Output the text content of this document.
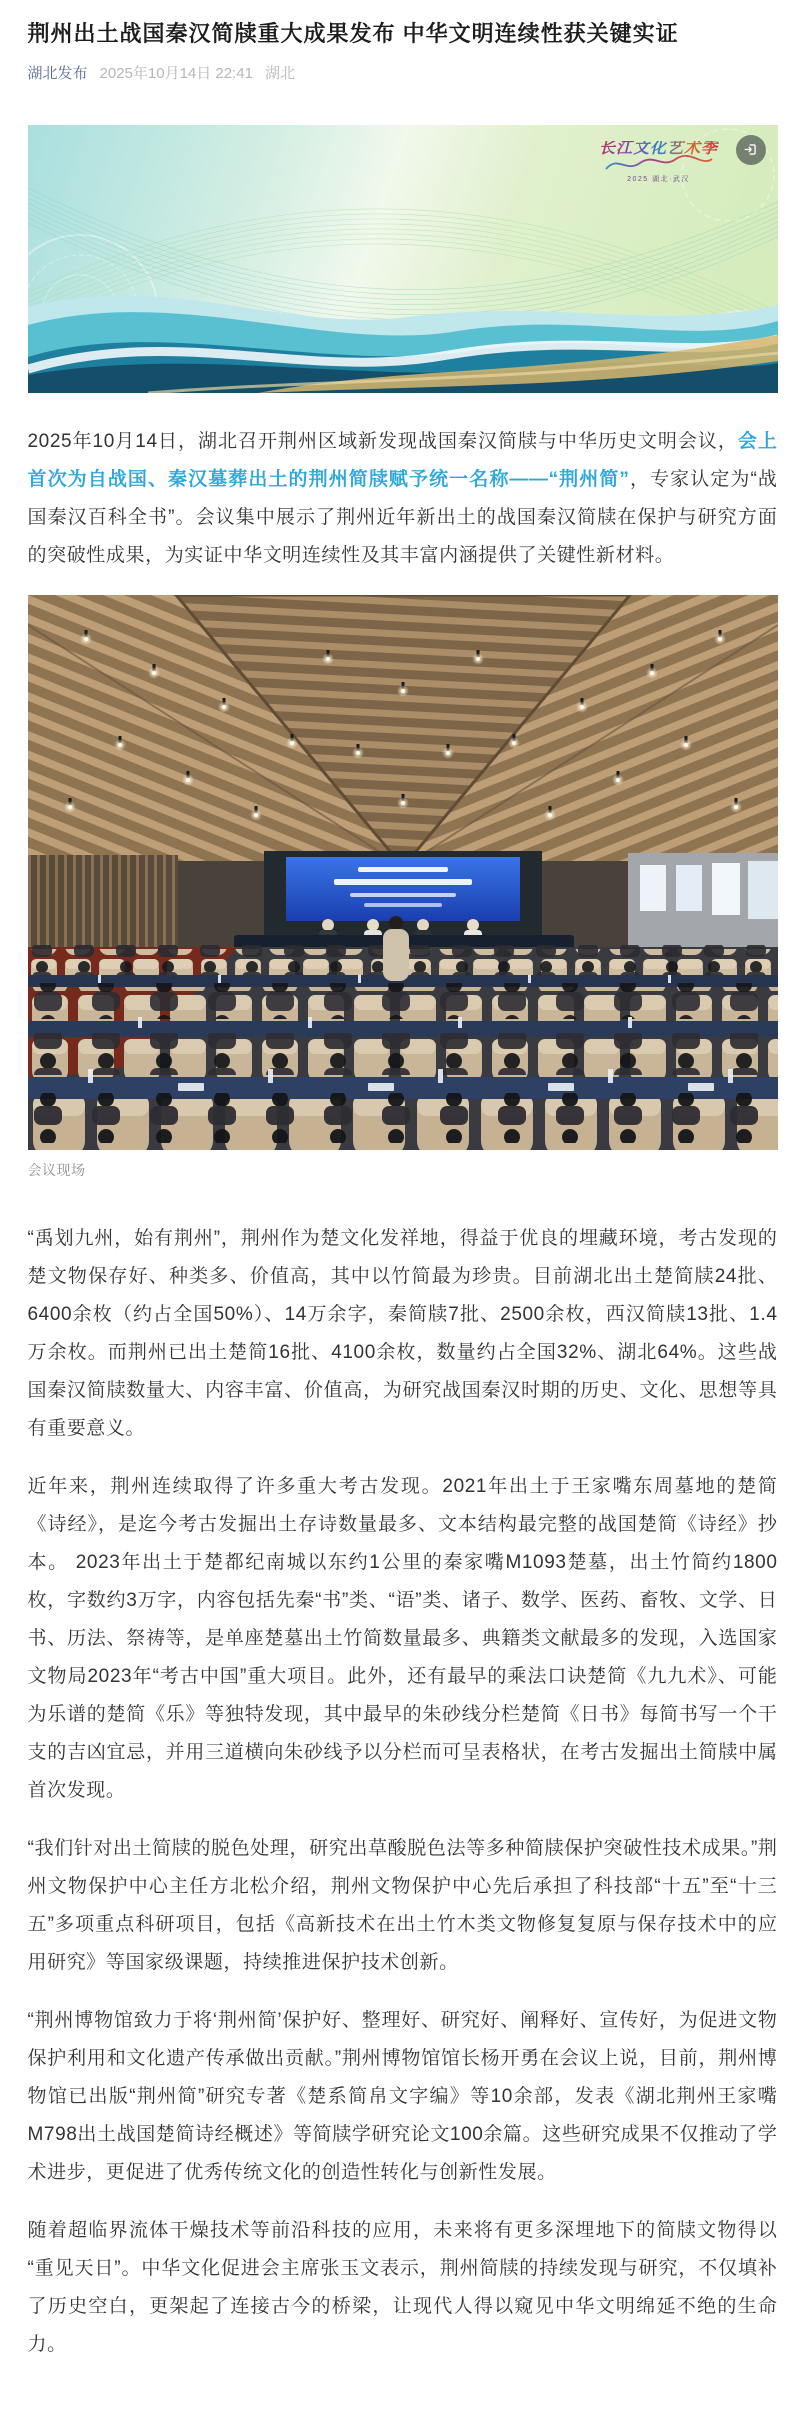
荆州出土战国秦汉简牍重大成果发布 中华文明连续性获关键实证
湖北发布 2025年10月14日 22:41 湖北
长江文化艺术季
2025 湖北·武汉

2025年10月14日，湖北召开荆州区域新发现战国秦汉简牍与中华历史文明会议，会上首次为自战国、秦汉墓葬出土的荆州简牍赋予统一名称——“荆州简”，专家认定为“战国秦汉百科全书”。会议集中展示了荆州近年新出土的战国秦汉简牍在保护与研究方面的突破性成果，为实证中华文明连续性及其丰富内涵提供了关键性新材料。

会议现场

“禹划九州，始有荆州”，荆州作为楚文化发祥地，得益于优良的埋藏环境，考古发现的楚文物保存好、种类多、价值高，其中以竹简最为珍贵。目前湖北出土楚简牍24批、6400余枚（约占全国50%）、14万余字，秦简牍7批、2500余枚，西汉简牍13批、1.4万余枚。而荆州已出土楚简16批、4100余枚，数量约占全国32%、湖北64%。这些战国秦汉简牍数量大、内容丰富、价值高，为研究战国秦汉时期的历史、文化、思想等具有重要意义。

近年来，荆州连续取得了许多重大考古发现。2021年出土于王家嘴东周墓地的楚简《诗经》，是迄今考古发掘出土存诗数量最多、文本结构最完整的战国楚简《诗经》抄本。 2023年出土于楚都纪南城以东约1公里的秦家嘴M1093楚墓，出土竹简约1800枚，字数约3万字，内容包括先秦“书”类、“语”类、诸子、数学、医药、畜牧、文学、日书、历法、祭祷等，是单座楚墓出土竹简数量最多、典籍类文献最多的发现，入选国家文物局2023年“考古中国”重大项目。此外，还有最早的乘法口诀楚简《九九术》、可能为乐谱的楚简《乐》等独特发现，其中最早的朱砂线分栏楚简《日书》每简书写一个干支的吉凶宜忌，并用三道横向朱砂线予以分栏而可呈表格状，在考古发掘出土简牍中属首次发现。

“我们针对出土简牍的脱色处理，研究出草酸脱色法等多种简牍保护突破性技术成果。”荆州文物保护中心主任方北松介绍，荆州文物保护中心先后承担了科技部“十五”至“十三五”多项重点科研项目，包括《高新技术在出土竹木类文物修复复原与保存技术中的应用研究》等国家级课题，持续推进保护技术创新。

“荆州博物馆致力于将‘荆州简’保护好、整理好、研究好、阐释好、宣传好，为促进文物保护利用和文化遗产传承做出贡献。”荆州博物馆馆长杨开勇在会议上说，目前，荆州博物馆已出版“荆州简”研究专著《楚系简帛文字编》等10余部，发表《湖北荆州王家嘴M798出土战国楚简诗经概述》等简牍学研究论文100余篇。这些研究成果不仅推动了学术进步，更促进了优秀传统文化的创造性转化与创新性发展。

随着超临界流体干燥技术等前沿科技的应用，未来将有更多深埋地下的简牍文物得以“重见天日”。中华文化促进会主席张玉文表示，荆州简牍的持续发现与研究，不仅填补了历史空白，更架起了连接古今的桥梁，让现代人得以窥见中华文明绵延不绝的生命力。
